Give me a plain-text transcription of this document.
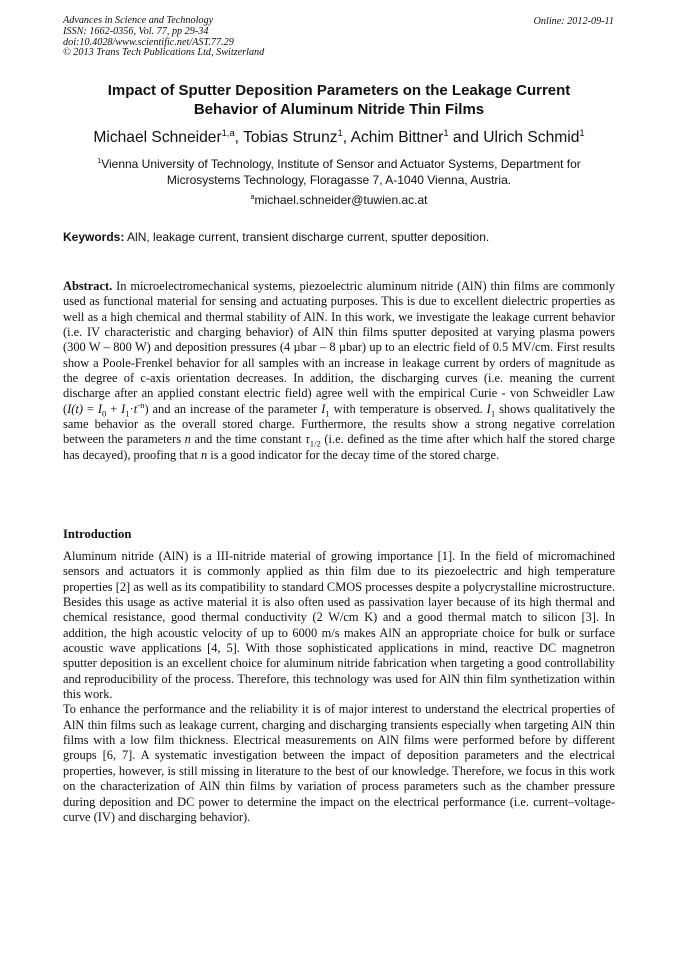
Advances in Science and Technology
ISSN: 1662-0356, Vol. 77, pp 29-34
doi:10.4028/www.scientific.net/AST.77.29
© 2013 Trans Tech Publications Ltd, Switzerland
Online: 2012-09-11
Impact of Sputter Deposition Parameters on the Leakage Current
Behavior of Aluminum Nitride Thin Films
Michael Schneider$^{1,a}$, Tobias Strunz$^1$, Achim Bittner$^1$ and Ulrich Schmid$^1$
$^1$Vienna University of Technology, Institute of Sensor and Actuator Systems, Department for Microsystems Technology, Floragasse 7, A-1040 Vienna, Austria.
$^a$michael.schneider@tuwien.ac.at
Keywords: AlN, leakage current, transient discharge current, sputter deposition.
Abstract. In microelectromechanical systems, piezoelectric aluminum nitride (AlN) thin films are commonly used as functional material for sensing and actuating purposes. This is due to excellent dielectric properties as well as a high chemical and thermal stability of AlN. In this work, we investigate the leakage current behavior (i.e. IV characteristic and charging behavior) of AlN thin films sputter deposited at varying plasma powers (300 W – 800 W) and deposition pressures (4 µbar – 8 µbar) up to an electric field of 0.5 MV/cm. First results show a Poole-Frenkel behavior for all samples with an increase in leakage current by orders of magnitude as the degree of c-axis orientation decreases. In addition, the discharging curves (i.e. meaning the current discharge after an applied constant electric field) agree well with the empirical Curie - von Schweidler Law $(I(t) = I_0 + I_1\cdot t^{-n})$ and an increase of the parameter $I_1$ with temperature is observed. $I_1$ shows qualitatively the same behavior as the overall stored charge. Furthermore, the results show a strong negative correlation between the parameters n and the time constant $\tau_{1/2}$ (i.e. defined as the time after which half the stored charge has decayed), proofing that n is a good indicator for the decay time of the stored charge.
Introduction

Aluminum nitride (AlN) is a III-nitride material of growing importance [1]. In the field of micromachined sensors and actuators it is commonly applied as thin film due to its piezoelectric and high temperature properties [2] as well as its compatibility to standard CMOS processes despite a polycrystalline microstructure. Besides this usage as active material it is also often used as passivation layer because of its high thermal and chemical resistance, good thermal conductivity (2 W/cm K) and a good thermal match to silicon [3]. In addition, the high acoustic velocity of up to 6000 m/s makes AlN an appropriate choice for bulk or surface acoustic wave applications [4, 5]. With those sophisticated applications in mind, reactive DC magnetron sputter deposition is an excellent choice for aluminum nitride fabrication when targeting a good controllability and reproducibility of the process. Therefore, this technology was used for AlN thin film synthetization within this work.

To enhance the performance and the reliability it is of major interest to understand the electrical properties of AlN thin films such as leakage current, charging and discharging transients especially when targeting AlN thin films with a low film thickness. Electrical measurements on AlN films were performed before by different groups [6, 7]. A systematic investigation between the impact of deposition parameters and the electrical properties, however, is still missing in literature to the best of our knowledge. Therefore, we focus in this work on the characterization of AlN thin films by variation of process parameters such as the chamber pressure during deposition and DC power to determine the impact on the electrical performance (i.e. current–voltage-curve (IV) and discharging behavior).
